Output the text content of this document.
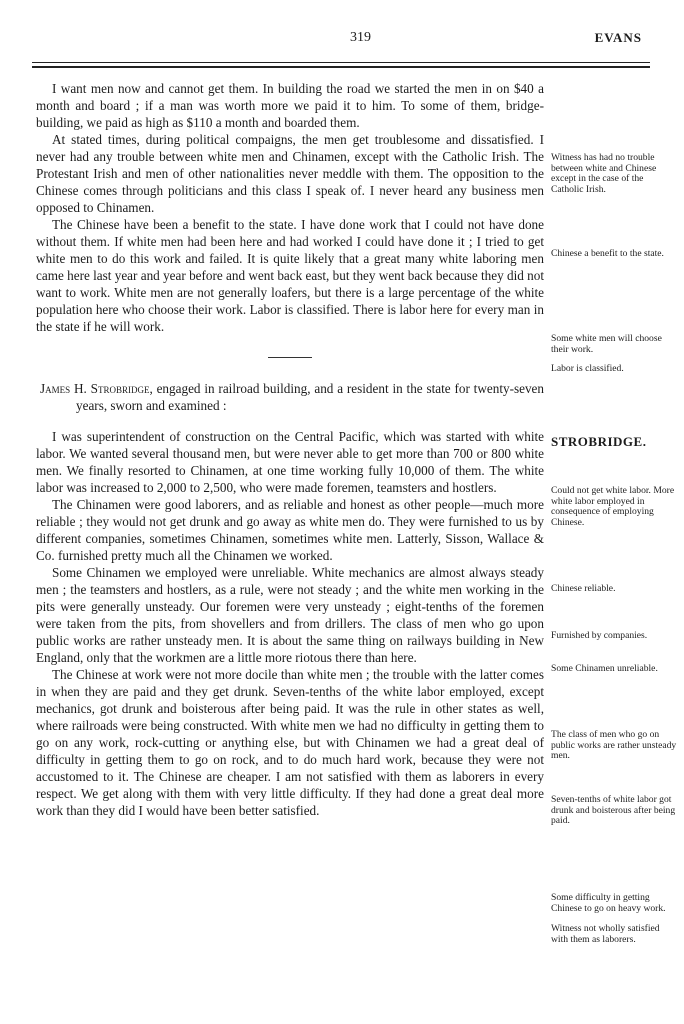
319	EVANS

I want men now and cannot get them. In building the road we started the men in on $40 a month and board ; if a man was worth more we paid it to him. To some of them, bridge-building, we paid as high as $110 a month and boarded them.

At stated times, during political compaigns, the men get troublesome and dissatisfied. I never had any trouble between white men and Chinamen, except with the Catholic Irish. The Protestant Irish and men of other nationalities never meddle with them. The opposition to the Chinese comes through politicians and this class I speak of. I never heard any business men opposed to Chinamen.

The Chinese have been a benefit to the state. I have done work that I could not have done without them. If white men had been here and had worked I could have done it ; I tried to get white men to do this work and failed. It is quite likely that a great many white laboring men came here last year and year before and went back east, but they went back because they did not want to work. White men are not generally loafers, but there is a large percentage of the white population here who choose their work. Labor is classified. There is labor here for every man in the state if he will work.

James H. Strobridge, engaged in railroad building, and a resident in the state for twenty-seven years, sworn and examined :

I was superintendent of construction on the Central Pacific, which was started with white labor. We wanted several thousand men, but were never able to get more than 700 or 800 white men. We finally resorted to Chinamen, at one time working fully 10,000 of them. The white labor was increased to 2,000 to 2,500, who were made foremen, teamsters and hostlers.

The Chinamen were good laborers, and as reliable and honest as other people—much more reliable ; they would not get drunk and go away as white men do. They were furnished to us by different companies, sometimes Chinamen, sometimes white men. Latterly, Sisson, Wallace & Co. furnished pretty much all the Chinamen we worked.

Some Chinamen we employed were unreliable. White mechanics are almost always steady men ; the teamsters and hostlers, as a rule, were not steady ; and the white men working in the pits were generally unsteady. Our foremen were very unsteady ; eight-tenths of the foremen were taken from the pits, from shovellers and from drillers. The class of men who go upon public works are rather unsteady men. It is about the same thing on railways building in New England, only that the workmen are a little more riotous there than here.

The Chinese at work were not more docile than white men ; the trouble with the latter comes in when they are paid and they get drunk. Seven-tenths of the white labor employed, except mechanics, got drunk and boisterous after being paid. It was the rule in other states as well, where railroads were being constructed. With white men we had no difficulty in getting them to go on any work, rock-cutting or anything else, but with Chinamen we had a great deal of difficulty in getting them to go on rock, and to do much hard work, because they were not accustomed to it. The Chinese are cheaper. I am not satisfied with them as laborers in every respect. We get along with them with very little difficulty. If they had done a great deal more work than they did I would have been better satisfied.

STROBRIDGE.
Witness has had no trouble between white and Chinese except in the case of the Catholic Irish.
Chinese a benefit to the state.
Some white men will choose their work.
Labor is classified.
Could not get white labor. More white labor employed in consequence of employing Chinese.
Chinese reliable.
Furnished by companies.
Some Chinamen unreliable.
The class of men who go on public works are rather unsteady men.
Seven-tenths of white labor got drunk and boisterous after being paid.
Some difficulty in getting Chinese to go on heavy work.
Witness not wholly satisfied with them as laborers.
